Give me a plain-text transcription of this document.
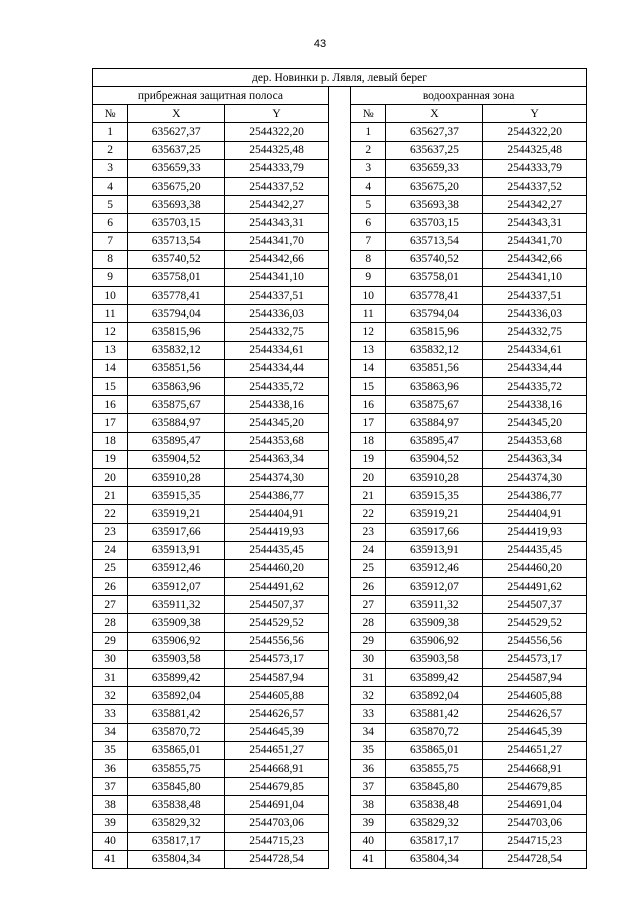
43
дер. Новинки р. Лявля, левый берег						
прибрежная защитная полоса				водоохранная зона		
№	X	Y		№	X	Y
1	635627,37	2544322,20		1	635627,37	2544322,20
2	635637,25	2544325,48		2	635637,25	2544325,48
3	635659,33	2544333,79		3	635659,33	2544333,79
4	635675,20	2544337,52		4	635675,20	2544337,52
5	635693,38	2544342,27		5	635693,38	2544342,27
6	635703,15	2544343,31		6	635703,15	2544343,31
7	635713,54	2544341,70		7	635713,54	2544341,70
8	635740,52	2544342,66		8	635740,52	2544342,66
9	635758,01	2544341,10		9	635758,01	2544341,10
10	635778,41	2544337,51		10	635778,41	2544337,51
11	635794,04	2544336,03		11	635794,04	2544336,03
12	635815,96	2544332,75		12	635815,96	2544332,75
13	635832,12	2544334,61		13	635832,12	2544334,61
14	635851,56	2544334,44		14	635851,56	2544334,44
15	635863,96	2544335,72		15	635863,96	2544335,72
16	635875,67	2544338,16		16	635875,67	2544338,16
17	635884,97	2544345,20		17	635884,97	2544345,20
18	635895,47	2544353,68		18	635895,47	2544353,68
19	635904,52	2544363,34		19	635904,52	2544363,34
20	635910,28	2544374,30		20	635910,28	2544374,30
21	635915,35	2544386,77		21	635915,35	2544386,77
22	635919,21	2544404,91		22	635919,21	2544404,91
23	635917,66	2544419,93		23	635917,66	2544419,93
24	635913,91	2544435,45		24	635913,91	2544435,45
25	635912,46	2544460,20		25	635912,46	2544460,20
26	635912,07	2544491,62		26	635912,07	2544491,62
27	635911,32	2544507,37		27	635911,32	2544507,37
28	635909,38	2544529,52		28	635909,38	2544529,52
29	635906,92	2544556,56		29	635906,92	2544556,56
30	635903,58	2544573,17		30	635903,58	2544573,17
31	635899,42	2544587,94		31	635899,42	2544587,94
32	635892,04	2544605,88		32	635892,04	2544605,88
33	635881,42	2544626,57		33	635881,42	2544626,57
34	635870,72	2544645,39		34	635870,72	2544645,39
35	635865,01	2544651,27		35	635865,01	2544651,27
36	635855,75	2544668,91		36	635855,75	2544668,91
37	635845,80	2544679,85		37	635845,80	2544679,85
38	635838,48	2544691,04		38	635838,48	2544691,04
39	635829,32	2544703,06		39	635829,32	2544703,06
40	635817,17	2544715,23		40	635817,17	2544715,23
41	635804,34	2544728,54		41	635804,34	2544728,54
